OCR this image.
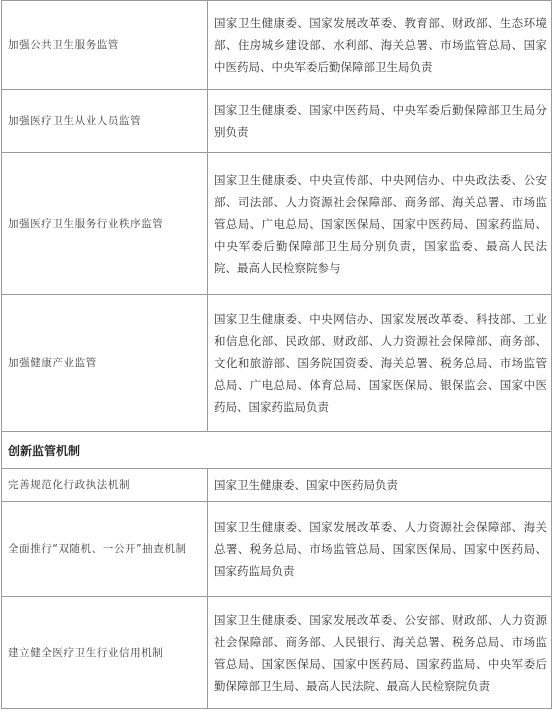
加强公共卫生服务监管	国家卫生健康委、国家发展改革委、教育部、财政部、生态环境部、住房城乡建设部、水利部、海关总署、市场监管总局、国家中医药局、中央军委后勤保障部卫生局负责
加强医疗卫生从业人员监管	国家卫生健康委、国家中医药局、中央军委后勤保障部卫生局分别负责
加强医疗卫生服务行业秩序监管	国家卫生健康委、中央宣传部、中央网信办、中央政法委、公安部、司法部、人力资源社会保障部、商务部、海关总署、市场监管总局、广电总局、国家医保局、国家中医药局、国家药监局、中央军委后勤保障部卫生局分别负责，国家监委、最高人民法院、最高人民检察院参与
加强健康产业监管	国家卫生健康委、中央网信办、国家发展改革委、科技部、工业和信息化部、民政部、财政部、人力资源社会保障部、商务部、文化和旅游部、国务院国资委、海关总署、税务总局、市场监管总局、广电总局、体育总局、国家医保局、银保监会、国家中医药局、国家药监局负责
创新监管机制	
完善规范化行政执法机制	国家卫生健康委、国家中医药局负责
全面推行“双随机、一公开”抽查机制	国家卫生健康委、国家发展改革委、人力资源社会保障部、海关总署、税务总局、市场监管总局、国家医保局、国家中医药局、国家药监局负责
建立健全医疗卫生行业信用机制	国家卫生健康委、国家发展改革委、公安部、财政部、人力资源社会保障部、商务部、人民银行、海关总署、税务总局、市场监管总局、国家医保局、国家中医药局、国家药监局、中央军委后勤保障部卫生局、最高人民法院、最高人民检察院负责
